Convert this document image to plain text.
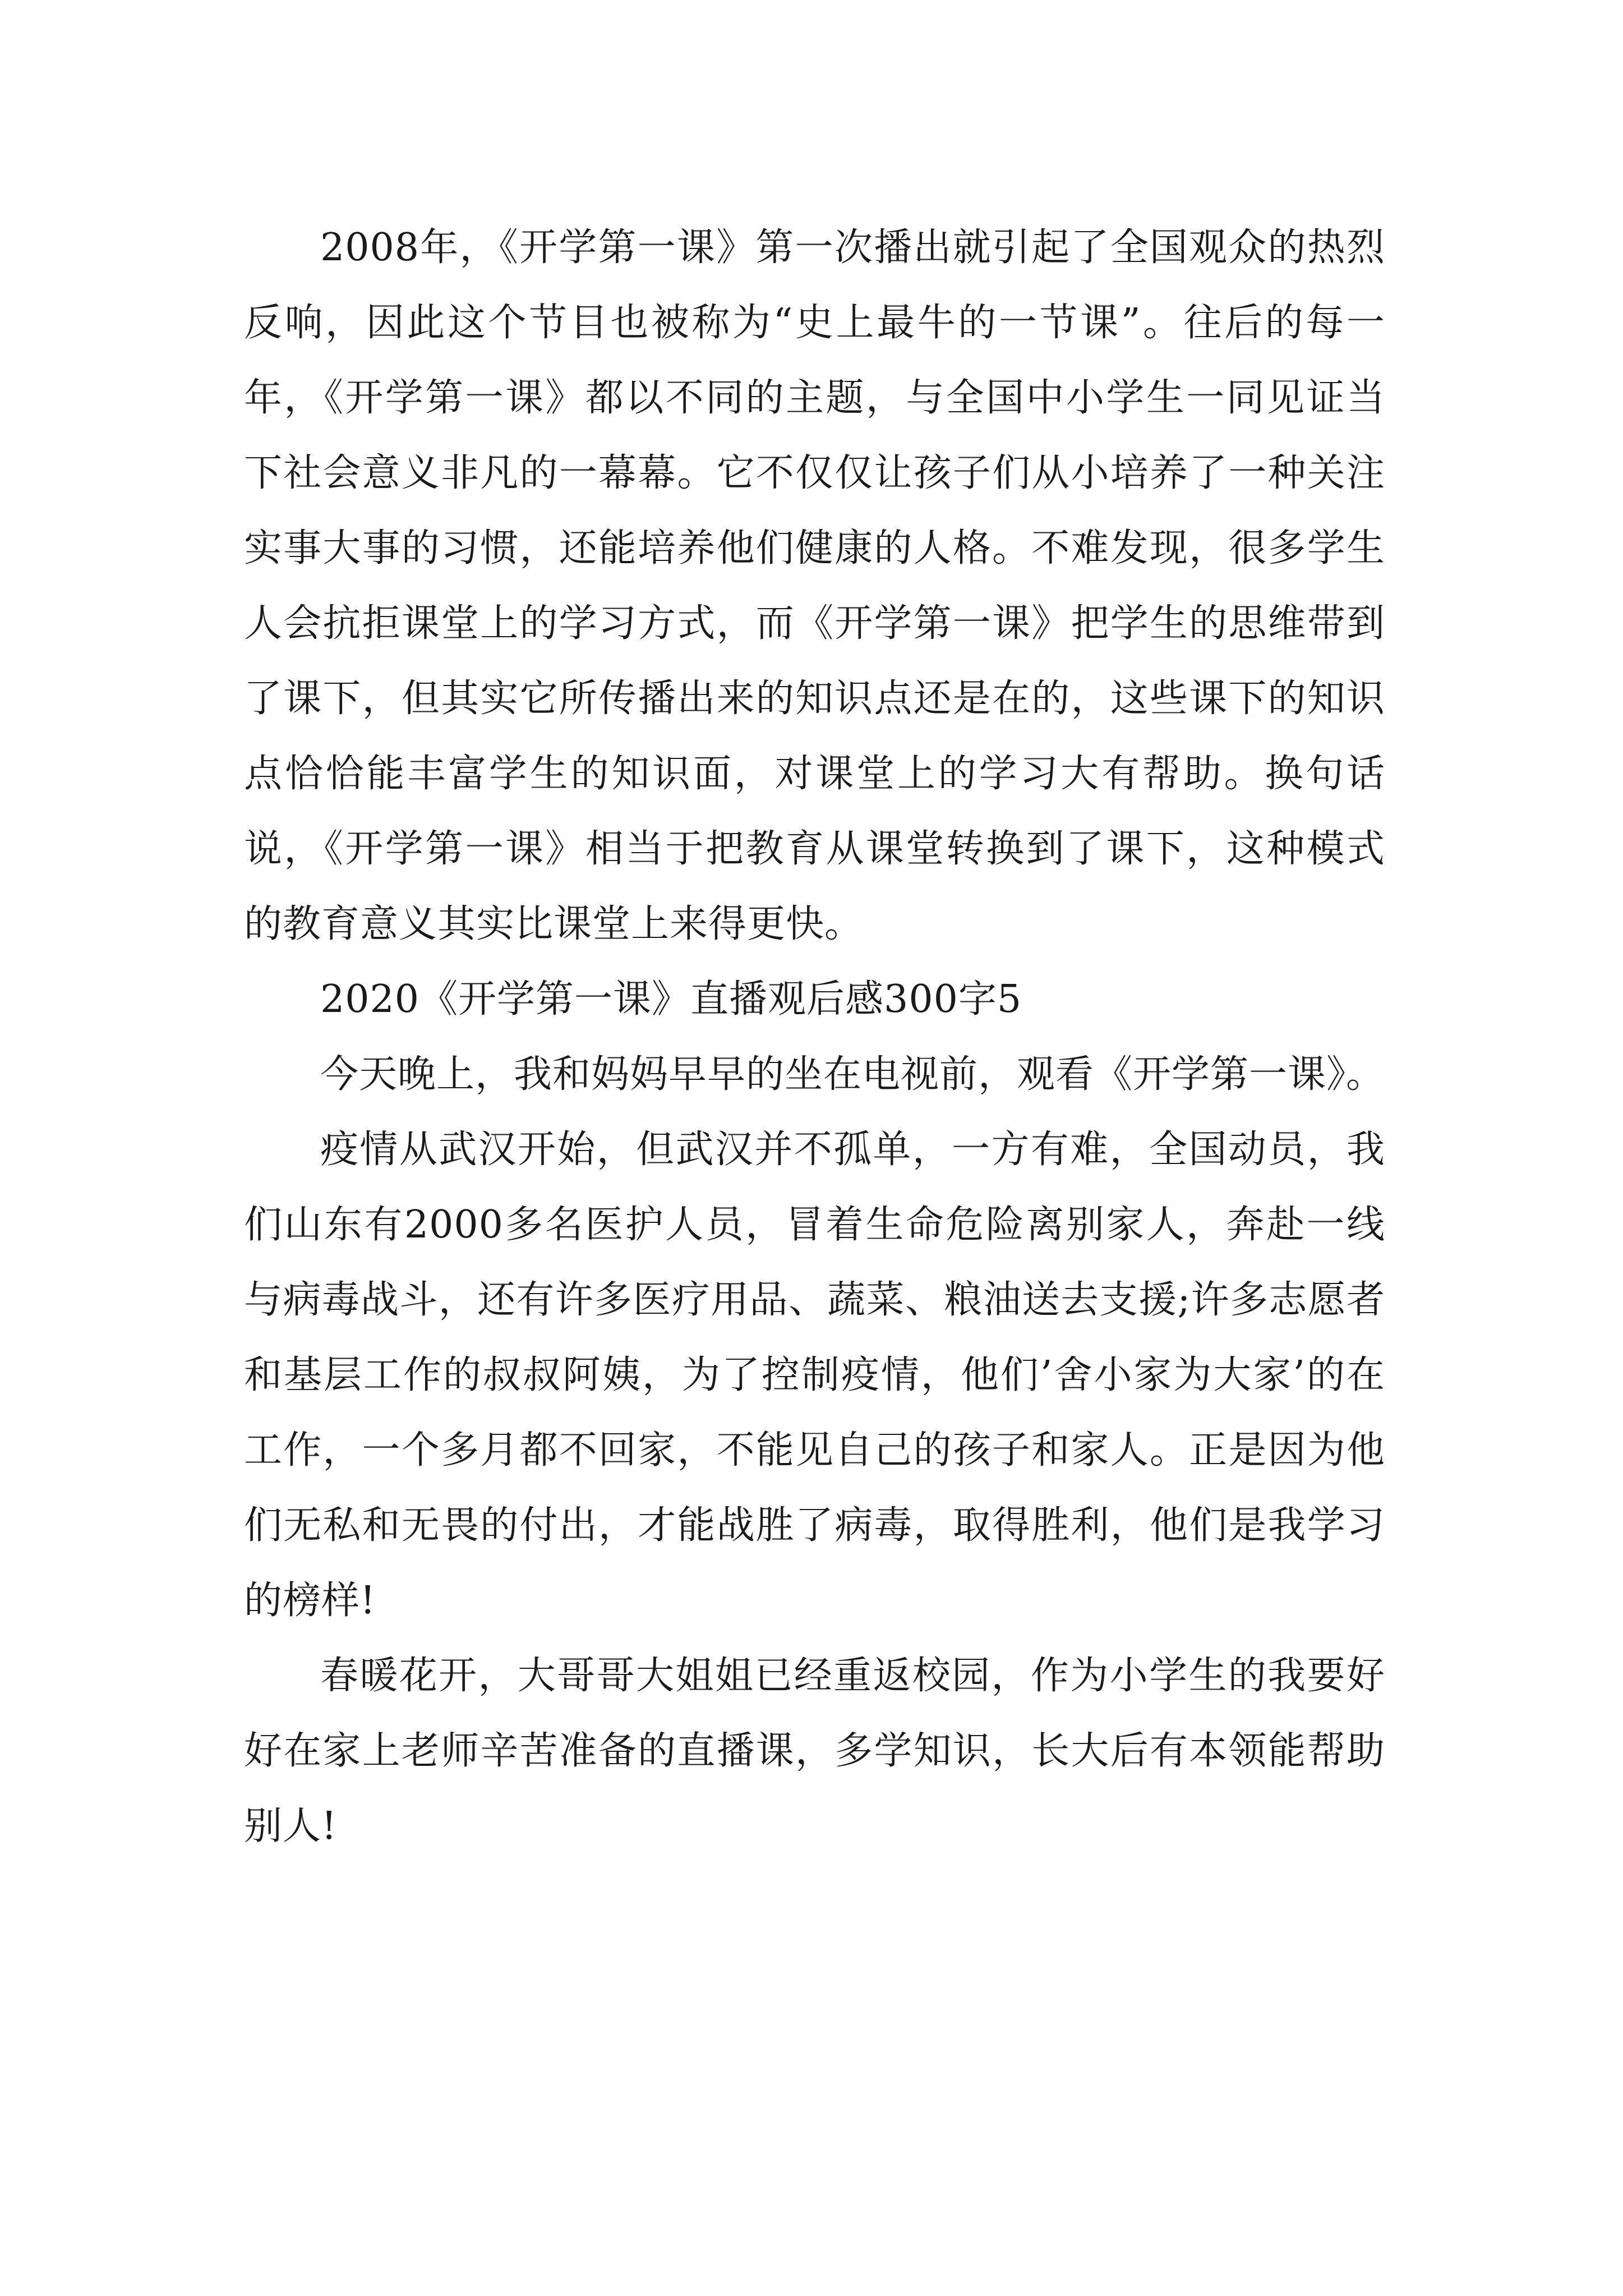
2008年，《开学第一课》第一次播出就引起了全国观众的热烈反响，因此这个节目也被称为“史上最牛的一节课”。往后的每一年，《开学第一课》都以不同的主题，与全国中小学生一同见证当下社会意义非凡的一幕幕。它不仅仅让孩子们从小培养了一种关注实事大事的习惯，还能培养他们健康的人格。不难发现，很多学生人会抗拒课堂上的学习方式，而《开学第一课》把学生的思维带到了课下，但其实它所传播出来的知识点还是在的，这些课下的知识点恰恰能丰富学生的知识面，对课堂上的学习大有帮助。换句话说，《开学第一课》相当于把教育从课堂转换到了课下，这种模式的教育意义其实比课堂上来得更快。

2020《开学第一课》直播观后感300字5

今天晚上，我和妈妈早早的坐在电视前，观看《开学第一课》。

疫情从武汉开始，但武汉并不孤单，一方有难，全国动员，我们山东有2000多名医护人员，冒着生命危险离别家人，奔赴一线与病毒战斗，还有许多医疗用品、蔬菜、粮油送去支援;许多志愿者和基层工作的叔叔阿姨，为了控制疫情，他们’舍小家为大家’的在工作，一个多月都不回家，不能见自己的孩子和家人。正是因为他们无私和无畏的付出，才能战胜了病毒，取得胜利，他们是我学习的榜样!

春暖花开，大哥哥大姐姐已经重返校园，作为小学生的我要好好在家上老师辛苦准备的直播课，多学知识，长大后有本领能帮助别人!
